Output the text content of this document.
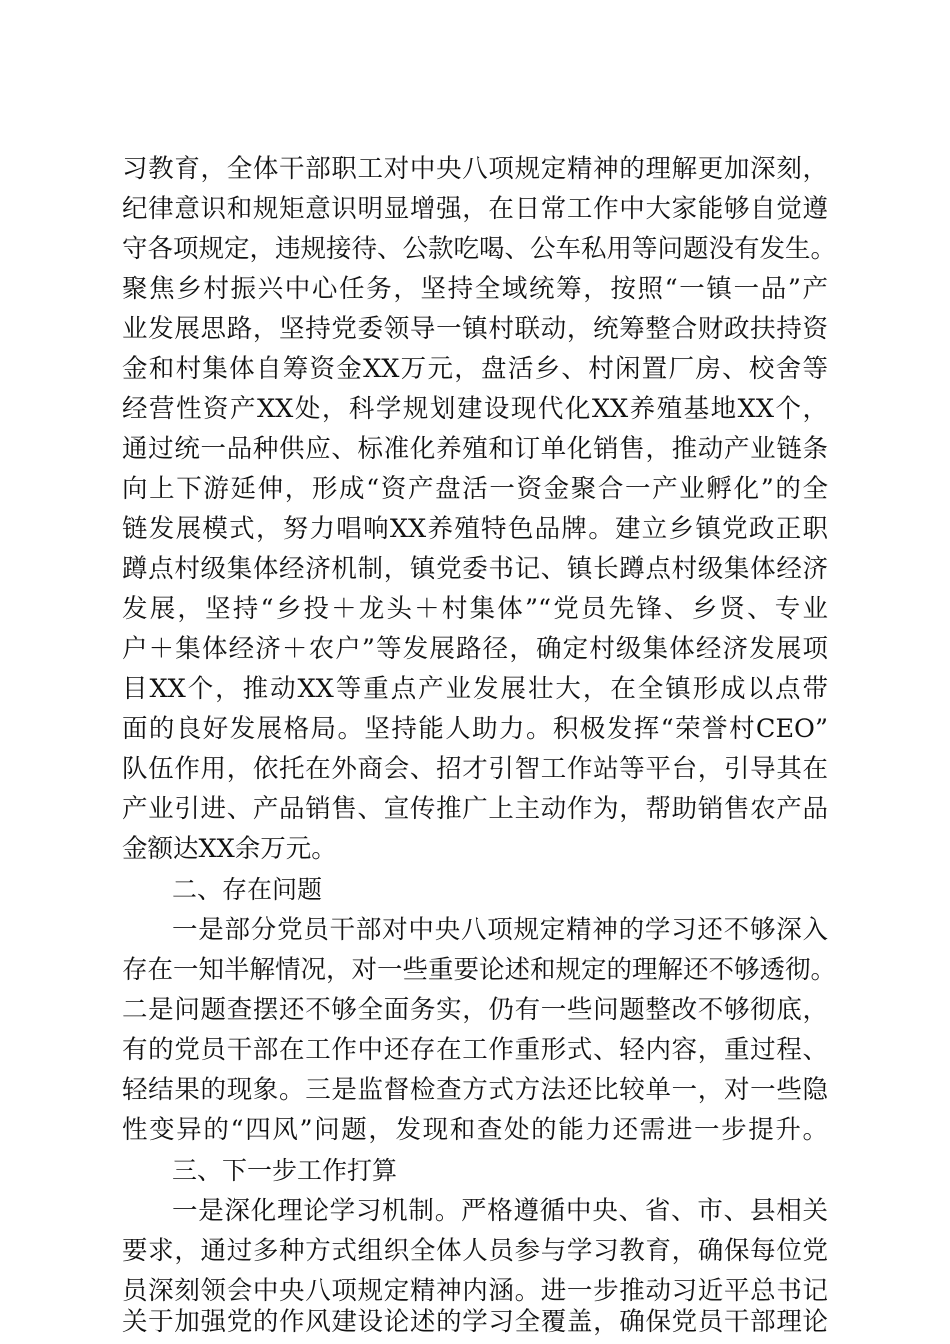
习教育，全体干部职工对中央八项规定精神的理解更加深刻，
纪律意识和规矩意识明显增强，在日常工作中大家能够自觉遵
守各项规定，违规接待、公款吃喝、公车私用等问题没有发生。
聚焦乡村振兴中心任务，坚持全域统筹，按照“一镇一品”产
业发展思路，坚持党委领导一镇村联动，统筹整合财政扶持资
金和村集体自筹资金XX万元，盘活乡、村闲置厂房、校舍等
经营性资产XX处，科学规划建设现代化XX养殖基地XX个，
通过统一品种供应、标准化养殖和订单化销售，推动产业链条
向上下游延伸，形成“资产盘活一资金聚合一产业孵化”的全
链发展模式，努力唱响XX养殖特色品牌。建立乡镇党政正职
蹲点村级集体经济机制，镇党委书记、镇长蹲点村级集体经济
发展，坚持“乡投＋龙头＋村集体”“党员先锋、乡贤、专业
户＋集体经济＋农户”等发展路径，确定村级集体经济发展项
目XX个，推动XX等重点产业发展壮大，在全镇形成以点带
面的良好发展格局。坚持能人助力。积极发挥“荣誉村CEO”
队伍作用，依托在外商会、招才引智工作站等平台，引导其在
产业引进、产品销售、宣传推广上主动作为，帮助销售农产品
金额达XX余万元。
二、存在问题
一是部分党员干部对中央八项规定精神的学习还不够深入
存在一知半解情况，对一些重要论述和规定的理解还不够透彻。
二是问题查摆还不够全面务实，仍有一些问题整改不够彻底，
有的党员干部在工作中还存在工作重形式、轻内容，重过程、
轻结果的现象。三是监督检查方式方法还比较单一，对一些隐
性变异的“四风”问题，发现和查处的能力还需进一步提升。
三、下一步工作打算
一是深化理论学习机制。严格遵循中央、省、市、县相关
要求，通过多种方式组织全体人员参与学习教育，确保每位党
员深刻领会中央八项规定精神内涵。进一步推动习近平总书记
关于加强党的作风建设论述的学习全覆盖，确保党员干部理论
